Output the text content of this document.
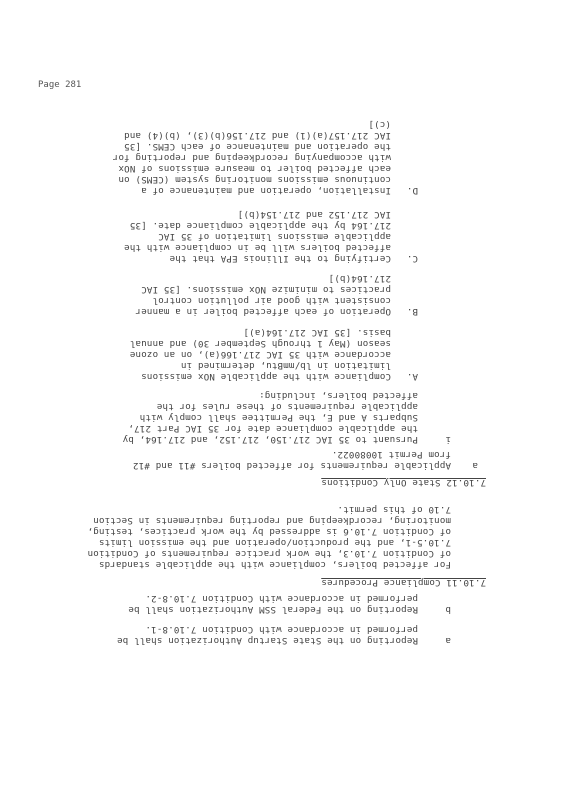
Page 281
7.10.11 Compliance Procedures
a
Reporting on the State Startup Authorization shall be
performed in accordance with Condition 7.10.8-1.
b
Reporting on the Federal SSM Authorization shall be
performed in accordance with Condition 7.10.8-2.
7.10.12 State Only Conditions
For affected boilers, compliance with the applicable standards
of Condition 7.10.3, the work practice requirements of Condition
7.10.5-1, and the production/operation and the emission limits
of Condition 7.10.6 is addressed by the work practices, testing,
monitoring, recordkeeping and reporting requirements in Section
7.10 of this permit.
a
Applicable requirements for affected boilers #11 and #12
from Permit 10080022.
i
Pursuant to 35 IAC 217.150, 217.152, and 217.164, by
the applicable compliance date for 35 IAC Part 217,
Subparts A and E, the Permittee shall comply with
applicable requirements of these rules for the
affected boilers, including:
A.
Compliance with the applicable NOx emissions
limitation in lb/mmBtu, determined in
accordance with 35 IAC 217.166(a), on an ozone
season (May 1 through September 30) and annual
basis. [35 IAC 217.164(a)]
B.
Operation of each affected boiler in a manner
consistent with good air pollution control
practices to minimize NOx emissions. [35 IAC
217.164(b)]
C.
Certifying to the Illinois EPA that the
affected boilers will be in compliance with the
applicable emissions limitation of 35 IAC
217.164 by the applicable compliance date. [35
IAC 217.152 and 217.154(b)]
D.
Installation, operation and maintenance of a
continuous emissions monitoring system (CEMS) on
each affected boiler to measure emissions of NOx
with accompanying recordkeeping and reporting for
the operation and maintenance of each CEMS. [35
IAC 217.157(a)(1) and 217.156(b)(3), (b)(4) and
(c)]
